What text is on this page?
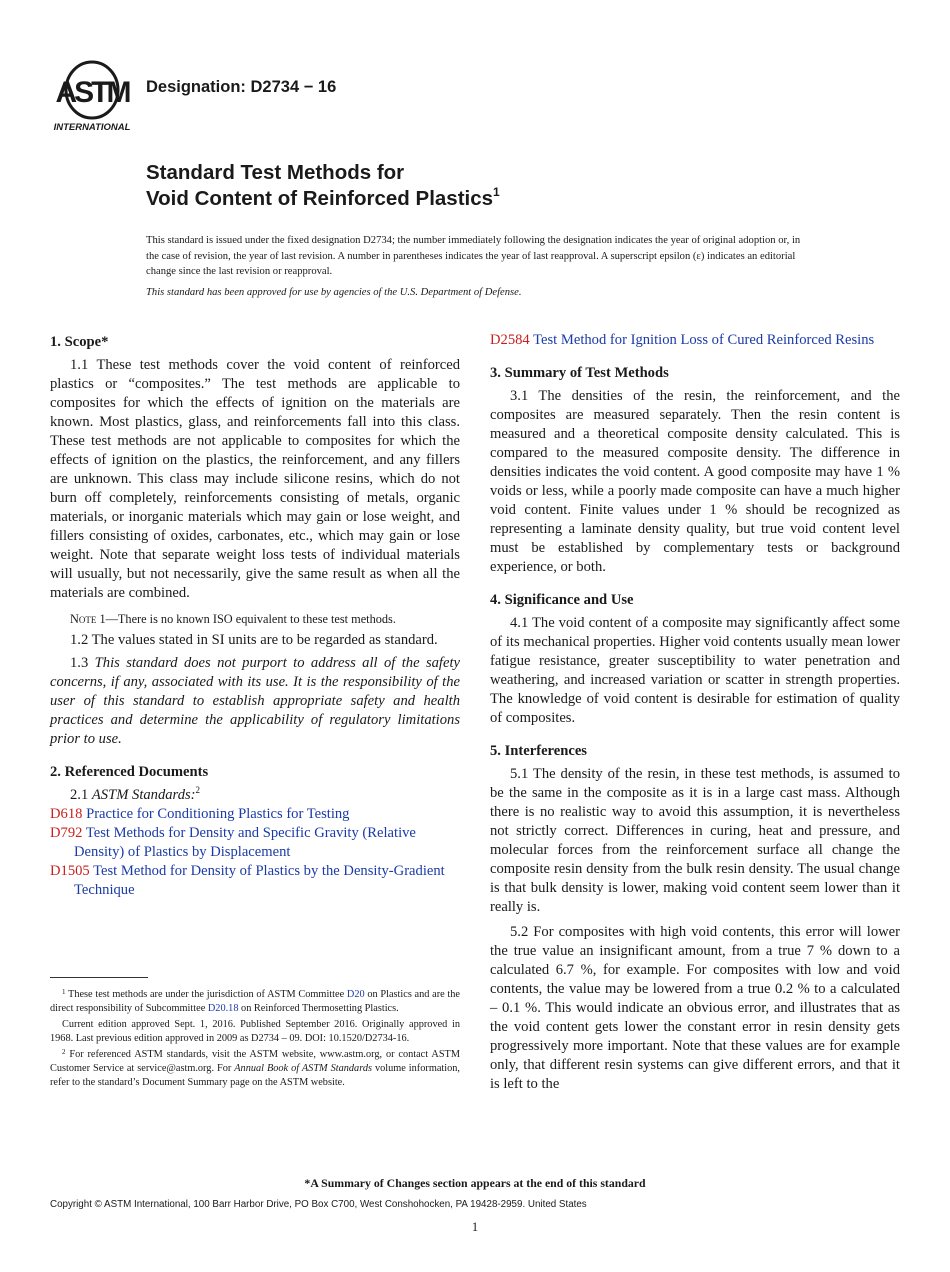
ASTM
INTERNATIONAL
Designation: D2734 − 16
Standard Test Methods for
Void Content of Reinforced Plastics$^1$
This standard is issued under the fixed designation D2734; the number immediately following the designation indicates the year of original adoption or, in the case of revision, the year of last revision. A number in parentheses indicates the year of last reapproval. A superscript epsilon (ε) indicates an editorial change since the last revision or reapproval.
This standard has been approved for use by agencies of the U.S. Department of Defense.
1. Scope*

1.1 These test methods cover the void content of reinforced plastics or “composites.” The test methods are applicable to composites for which the effects of ignition on the materials are known. Most plastics, glass, and reinforcements fall into this class. These test methods are not applicable to composites for which the effects of ignition on the plastics, the reinforcement, and any fillers are unknown. This class may include silicone resins, which do not burn off completely, reinforcements consisting of metals, organic materials, or inorganic materials which may gain or lose weight, and fillers consisting of oxides, carbonates, etc., which may gain or lose weight. Note that separate weight loss tests of individual materials will usually, but not necessarily, give the same result as when all the materials are combined.

Note 1—There is no known ISO equivalent to these test methods.

1.2 The values stated in SI units are to be regarded as standard.

1.3 This standard does not purport to address all of the safety concerns, if any, associated with its use. It is the responsibility of the user of this standard to establish appropriate safety and health practices and determine the applicability of regulatory limitations prior to use.

2. Referenced Documents

2.1 ASTM Standards:$^2$

D618 Practice for Conditioning Plastics for Testing

D792 Test Methods for Density and Specific Gravity (Relative Density) of Plastics by Displacement

D1505 Test Method for Density of Plastics by the Density-Gradient Technique

$^1$ These test methods are under the jurisdiction of ASTM Committee D20 on Plastics and are the direct responsibility of Subcommittee D20.18 on Reinforced Thermosetting Plastics.

Current edition approved Sept. 1, 2016. Published September 2016. Originally approved in 1968. Last previous edition approved in 2009 as D2734 – 09. DOI: 10.1520/D2734-16.

$^2$ For referenced ASTM standards, visit the ASTM website, www.astm.org, or contact ASTM Customer Service at service@astm.org. For Annual Book of ASTM Standards volume information, refer to the standard’s Document Summary page on the ASTM website.

D2584 Test Method for Ignition Loss of Cured Reinforced Resins

3. Summary of Test Methods

3.1 The densities of the resin, the reinforcement, and the composites are measured separately. Then the resin content is measured and a theoretical composite density calculated. This is compared to the measured composite density. The difference in densities indicates the void content. A good composite may have 1 % voids or less, while a poorly made composite can have a much higher void content. Finite values under 1 % should be recognized as representing a laminate density quality, but true void content level must be established by complementary tests or background experience, or both.

4. Significance and Use

4.1 The void content of a composite may significantly affect some of its mechanical properties. Higher void contents usually mean lower fatigue resistance, greater susceptibility to water penetration and weathering, and increased variation or scatter in strength properties. The knowledge of void content is desirable for estimation of quality of composites.

5. Interferences

5.1 The density of the resin, in these test methods, is assumed to be the same in the composite as it is in a large cast mass. Although there is no realistic way to avoid this assumption, it is nevertheless not strictly correct. Differences in curing, heat and pressure, and molecular forces from the reinforcement surface all change the composite resin density from the bulk resin density. The usual change is that bulk density is lower, making void content seem lower than it really is.

5.2 For composites with high void contents, this error will lower the true value an insignificant amount, from a true 7 % down to a calculated 6.7 %, for example. For composites with low and void contents, the value may be lowered from a true 0.2 % to a calculated – 0.1 %. This would indicate an obvious error, and illustrates that as the void content gets lower the constant error in resin density gets progressively more important. Note that these values are for example only, that different resin systems can give different errors, and that it is left to the

*A Summary of Changes section appears at the end of this standard
Copyright © ASTM International, 100 Barr Harbor Drive, PO Box C700, West Conshohocken, PA 19428-2959. United States
1
